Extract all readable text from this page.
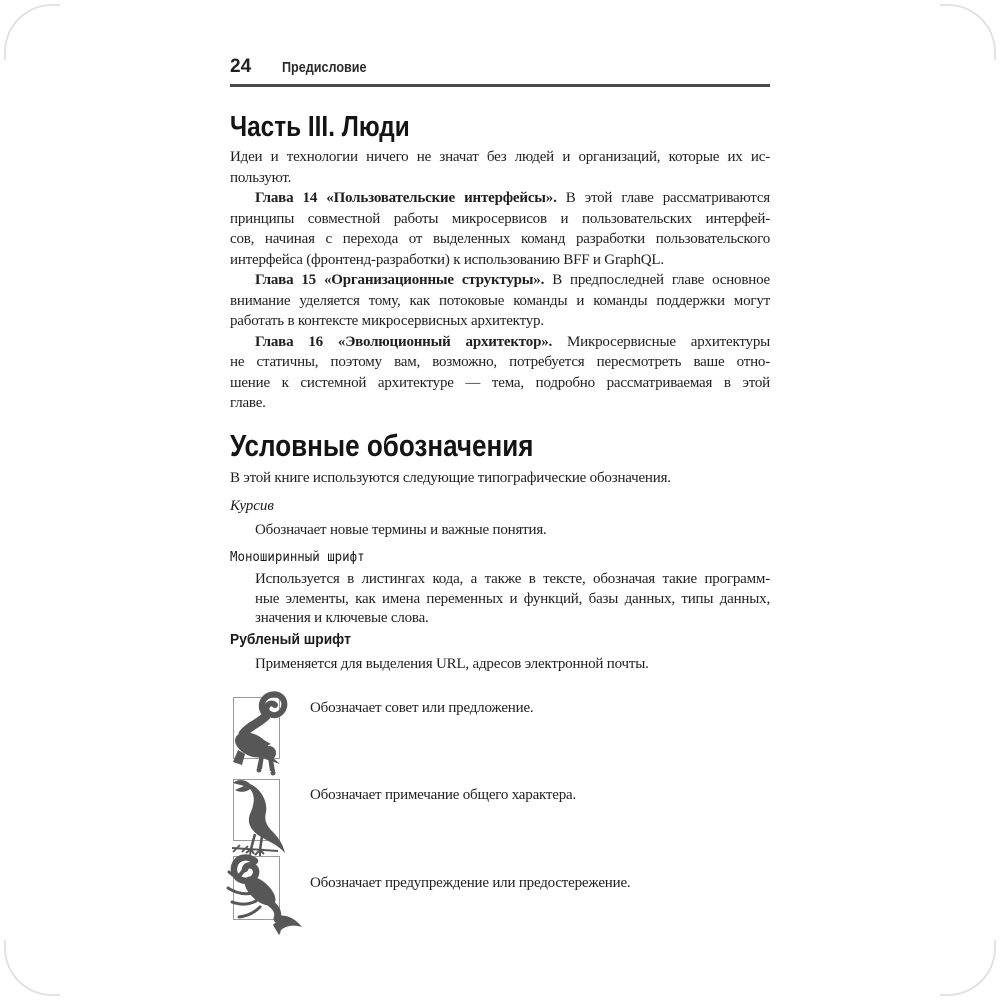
24 Предисловие
Часть III. Люди
Идеи и технологии ничего не значат без людей и организаций, которые их ис-
пользуют.
Глава 14 «Пользовательские интерфейсы». В этой главе рассматриваются
принципы совместной работы микросервисов и пользовательских интерфей-
сов, начиная с перехода от выделенных команд разработки пользовательского
интерфейса (фронтенд-разработки) к использованию BFF и GraphQL.
Глава 15 «Организационные структуры». В предпоследней главе основное
внимание уделяется тому, как потоковые команды и команды поддержки могут
работать в контексте микросервисных архитектур.
Глава 16 «Эволюционный архитектор». Микросервисные архитектуры
не статичны, поэтому вам, возможно, потребуется пересмотреть ваше отно-
шение к системной архитектуре — тема, подробно рассматриваемая в этой
главе.
Условные обозначения
В этой книге используются следующие типографические обозначения.
Курсив
Обозначает новые термины и важные понятия.
Моноширинный шрифт
Используется в листингах кода, а также в тексте, обозначая такие программ-
ные элементы, как имена переменных и функций, базы данных, типы данных,
значения и ключевые слова.
Рубленый шрифт
Применяется для выделения URL, адресов электронной почты.
Обозначает совет или предложение.
Обозначает примечание общего характера.
Обозначает предупреждение или предостережение.
